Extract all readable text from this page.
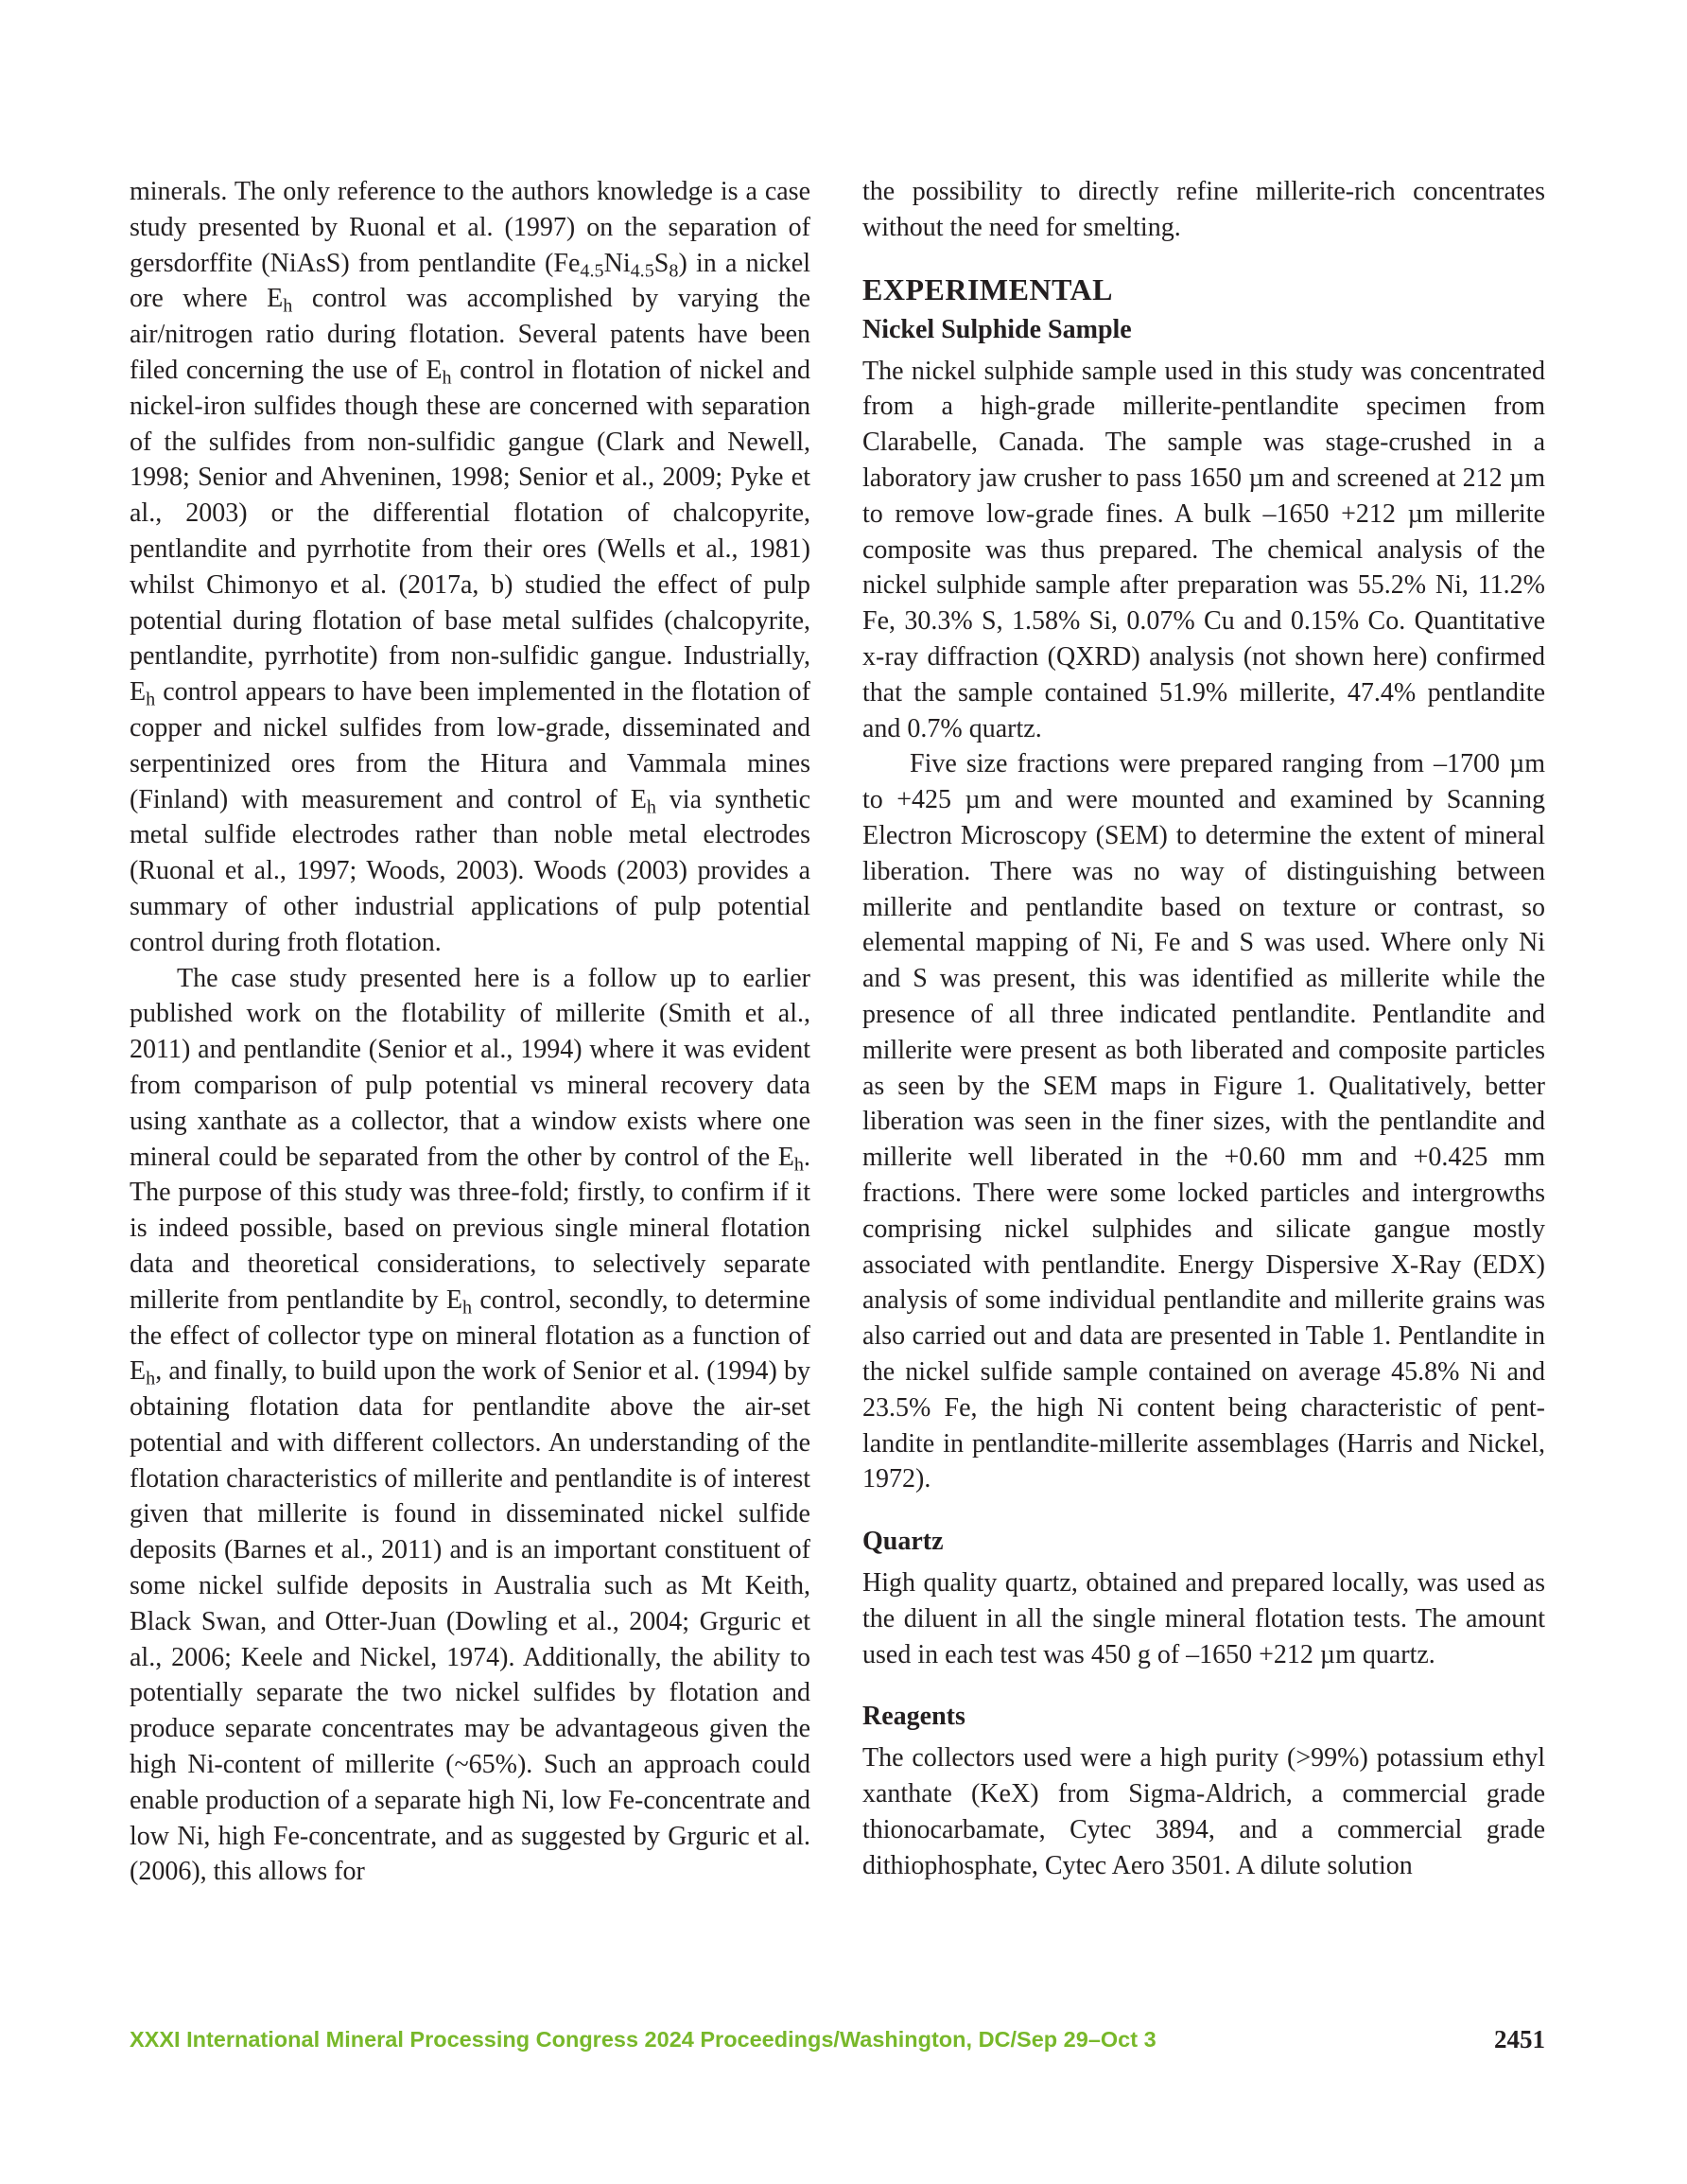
minerals. The only reference to the authors knowledge is a case study presented by Ruonal et al. (1997) on the separation of gersdorffite (NiAsS) from pentlandite $(Fe_{4.5}Ni_{4.5}S_8)$ in a nickel ore where $E_h$ control was accomplished by varying the air/nitrogen ratio during flotation. Several patents have been filed concerning the use of $E_h$ control in flotation of nickel and nickel-iron sulfides though these are concerned with separation of the sulfides from non-sulfidic gangue (Clark and Newell, 1998; Senior and Ahveninen, 1998; Senior et al., 2009; Pyke et al., 2003) or the differential flotation of chalcopyrite, pentlandite and pyrrhotite from their ores (Wells et al., 1981) whilst Chimonyo et al. (2017a, b) studied the effect of pulp potential during flotation of base metal sulfides (chalcopyrite, pentlandite, pyrrhotite) from non-sulfidic gangue. Industrially, $E_h$ control appears to have been implemented in the flotation of copper and nickel sulfides from low-grade, disseminated and serpentinized ores from the Hitura and Vammala mines (Finland) with measurement and control of $E_h$ via synthetic metal sulfide electrodes rather than noble metal electrodes (Ruonal et al., 1997; Woods, 2003). Woods (2003) provides a summary of other industrial applications of pulp potential control during froth flotation.

The case study presented here is a follow up to earlier published work on the flotability of millerite (Smith et al., 2011) and pentlandite (Senior et al., 1994) where it was evident from comparison of pulp potential vs mineral recovery data using xanthate as a collector, that a window exists where one mineral could be separated from the other by control of the $E_h$. The purpose of this study was three-fold; firstly, to confirm if it is indeed possible, based on previous single mineral flotation data and theoretical considerations, to selectively separate millerite from pentlandite by $E_h$ control, secondly, to determine the effect of collector type on mineral flotation as a function of $E_h$, and finally, to build upon the work of Senior et al. (1994) by obtaining flotation data for pentlandite above the air-set potential and with different collectors. An understanding of the flotation characteristics of millerite and pentlandite is of interest given that millerite is found in disseminated nickel sulfide deposits (Barnes et al., 2011) and is an important constituent of some nickel sulfide deposits in Australia such as Mt Keith, Black Swan, and Otter-Juan (Dowling et al., 2004; Grguric et al., 2006; Keele and Nickel, 1974). Additionally, the ability to potentially separate the two nickel sulfides by flotation and produce separate concentrates may be advantageous given the high Ni-content of millerite (~65%). Such an approach could enable production of a separate high Ni, low Fe-concentrate and low Ni, high Fe-concentrate, and as suggested by Grguric et al. (2006), this allows for

the possibility to directly refine millerite-rich concentrates without the need for smelting.

EXPERIMENTAL
Nickel Sulphide Sample

The nickel sulphide sample used in this study was concentrated from a high-grade millerite-pentlandite specimen from Clarabelle, Canada. The sample was stage-crushed in a laboratory jaw crusher to pass 1650 µm and screened at 212 µm to remove low-grade fines. A bulk –1650 +212 µm millerite composite was thus prepared. The chemical analysis of the nickel sulphide sample after preparation was 55.2% Ni, 11.2% Fe, 30.3% S, 1.58% Si, 0.07% Cu and 0.15% Co. Quantitative x-ray diffraction (QXRD) analysis (not shown here) confirmed that the sample contained 51.9% millerite, 47.4% pentlandite and 0.7% quartz.

Five size fractions were prepared ranging from –1700 µm to +425 µm and were mounted and examined by Scanning Electron Microscopy (SEM) to determine the extent of mineral liberation. There was no way of distinguishing between millerite and pentlandite based on texture or contrast, so elemental mapping of Ni, Fe and S was used. Where only Ni and S was present, this was identified as millerite while the presence of all three indicated pentlandite. Pentlandite and millerite were present as both liberated and composite particles as seen by the SEM maps in Figure 1. Qualitatively, better liberation was seen in the finer sizes, with the pentlandite and millerite well liberated in the +0.60 mm and +0.425 mm fractions. There were some locked particles and intergrowths comprising nickel sulphides and silicate gangue mostly associated with pentlandite. Energy Dispersive X-Ray (EDX) analysis of some individual pentlandite and millerite grains was also carried out and data are presented in Table 1. Pentlandite in the nickel sulfide sample contained on average 45.8% Ni and 23.5% Fe, the high Ni content being characteristic of pentlandite in pentlandite-millerite assemblages (Harris and Nickel, 1972).

Quartz

High quality quartz, obtained and prepared locally, was used as the diluent in all the single mineral flotation tests. The amount used in each test was 450 g of –1650 +212 µm quartz.

Reagents

The collectors used were a high purity (>99%) potassium ethyl xanthate (KeX) from Sigma-Aldrich, a commercial grade thionocarbamate, Cytec 3894, and a commercial grade dithiophosphate, Cytec Aero 3501. A dilute solution

XXXI International Mineral Processing Congress 2024 Proceedings/Washington, DC/Sep 29–Oct 3	2451
